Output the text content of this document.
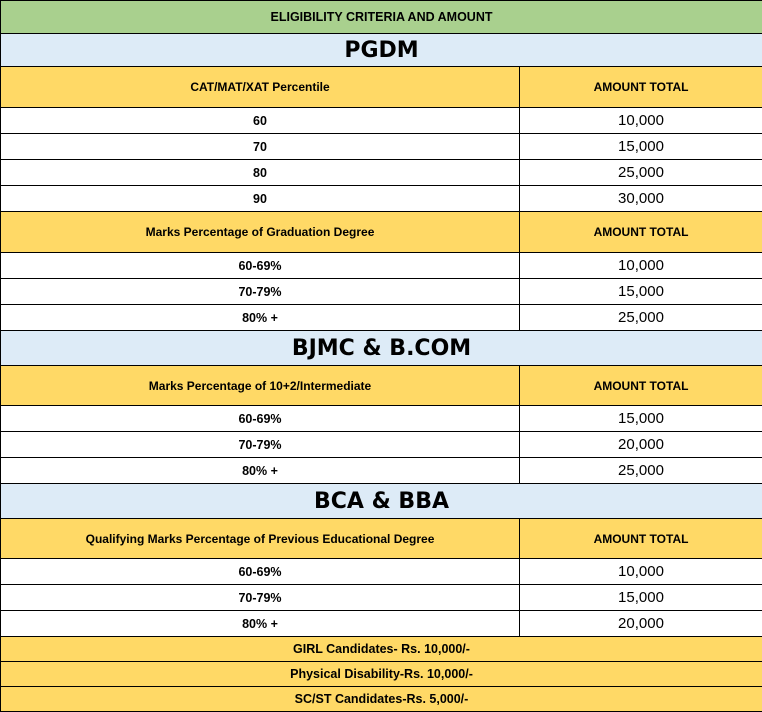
ELIGIBILITY CRITERIA AND AMOUNT	
PGDM	
CAT/MAT/XAT Percentile	AMOUNT TOTAL
60	10,000
70	15,000
80	25,000
90	30,000
Marks Percentage of Graduation Degree	AMOUNT TOTAL
60-69%	10,000
70-79%	15,000
80% +	25,000
BJMC & B.COM	
Marks Percentage of 10+2/Intermediate	AMOUNT TOTAL
60-69%	15,000
70-79%	20,000
80% +	25,000
BCA & BBA	
Qualifying Marks Percentage of Previous Educational Degree	AMOUNT TOTAL
60-69%	10,000
70-79%	15,000
80% +	20,000
GIRL Candidates- Rs. 10,000/-	
Physical Disability-Rs. 10,000/-	
SC/ST Candidates-Rs. 5,000/-	
